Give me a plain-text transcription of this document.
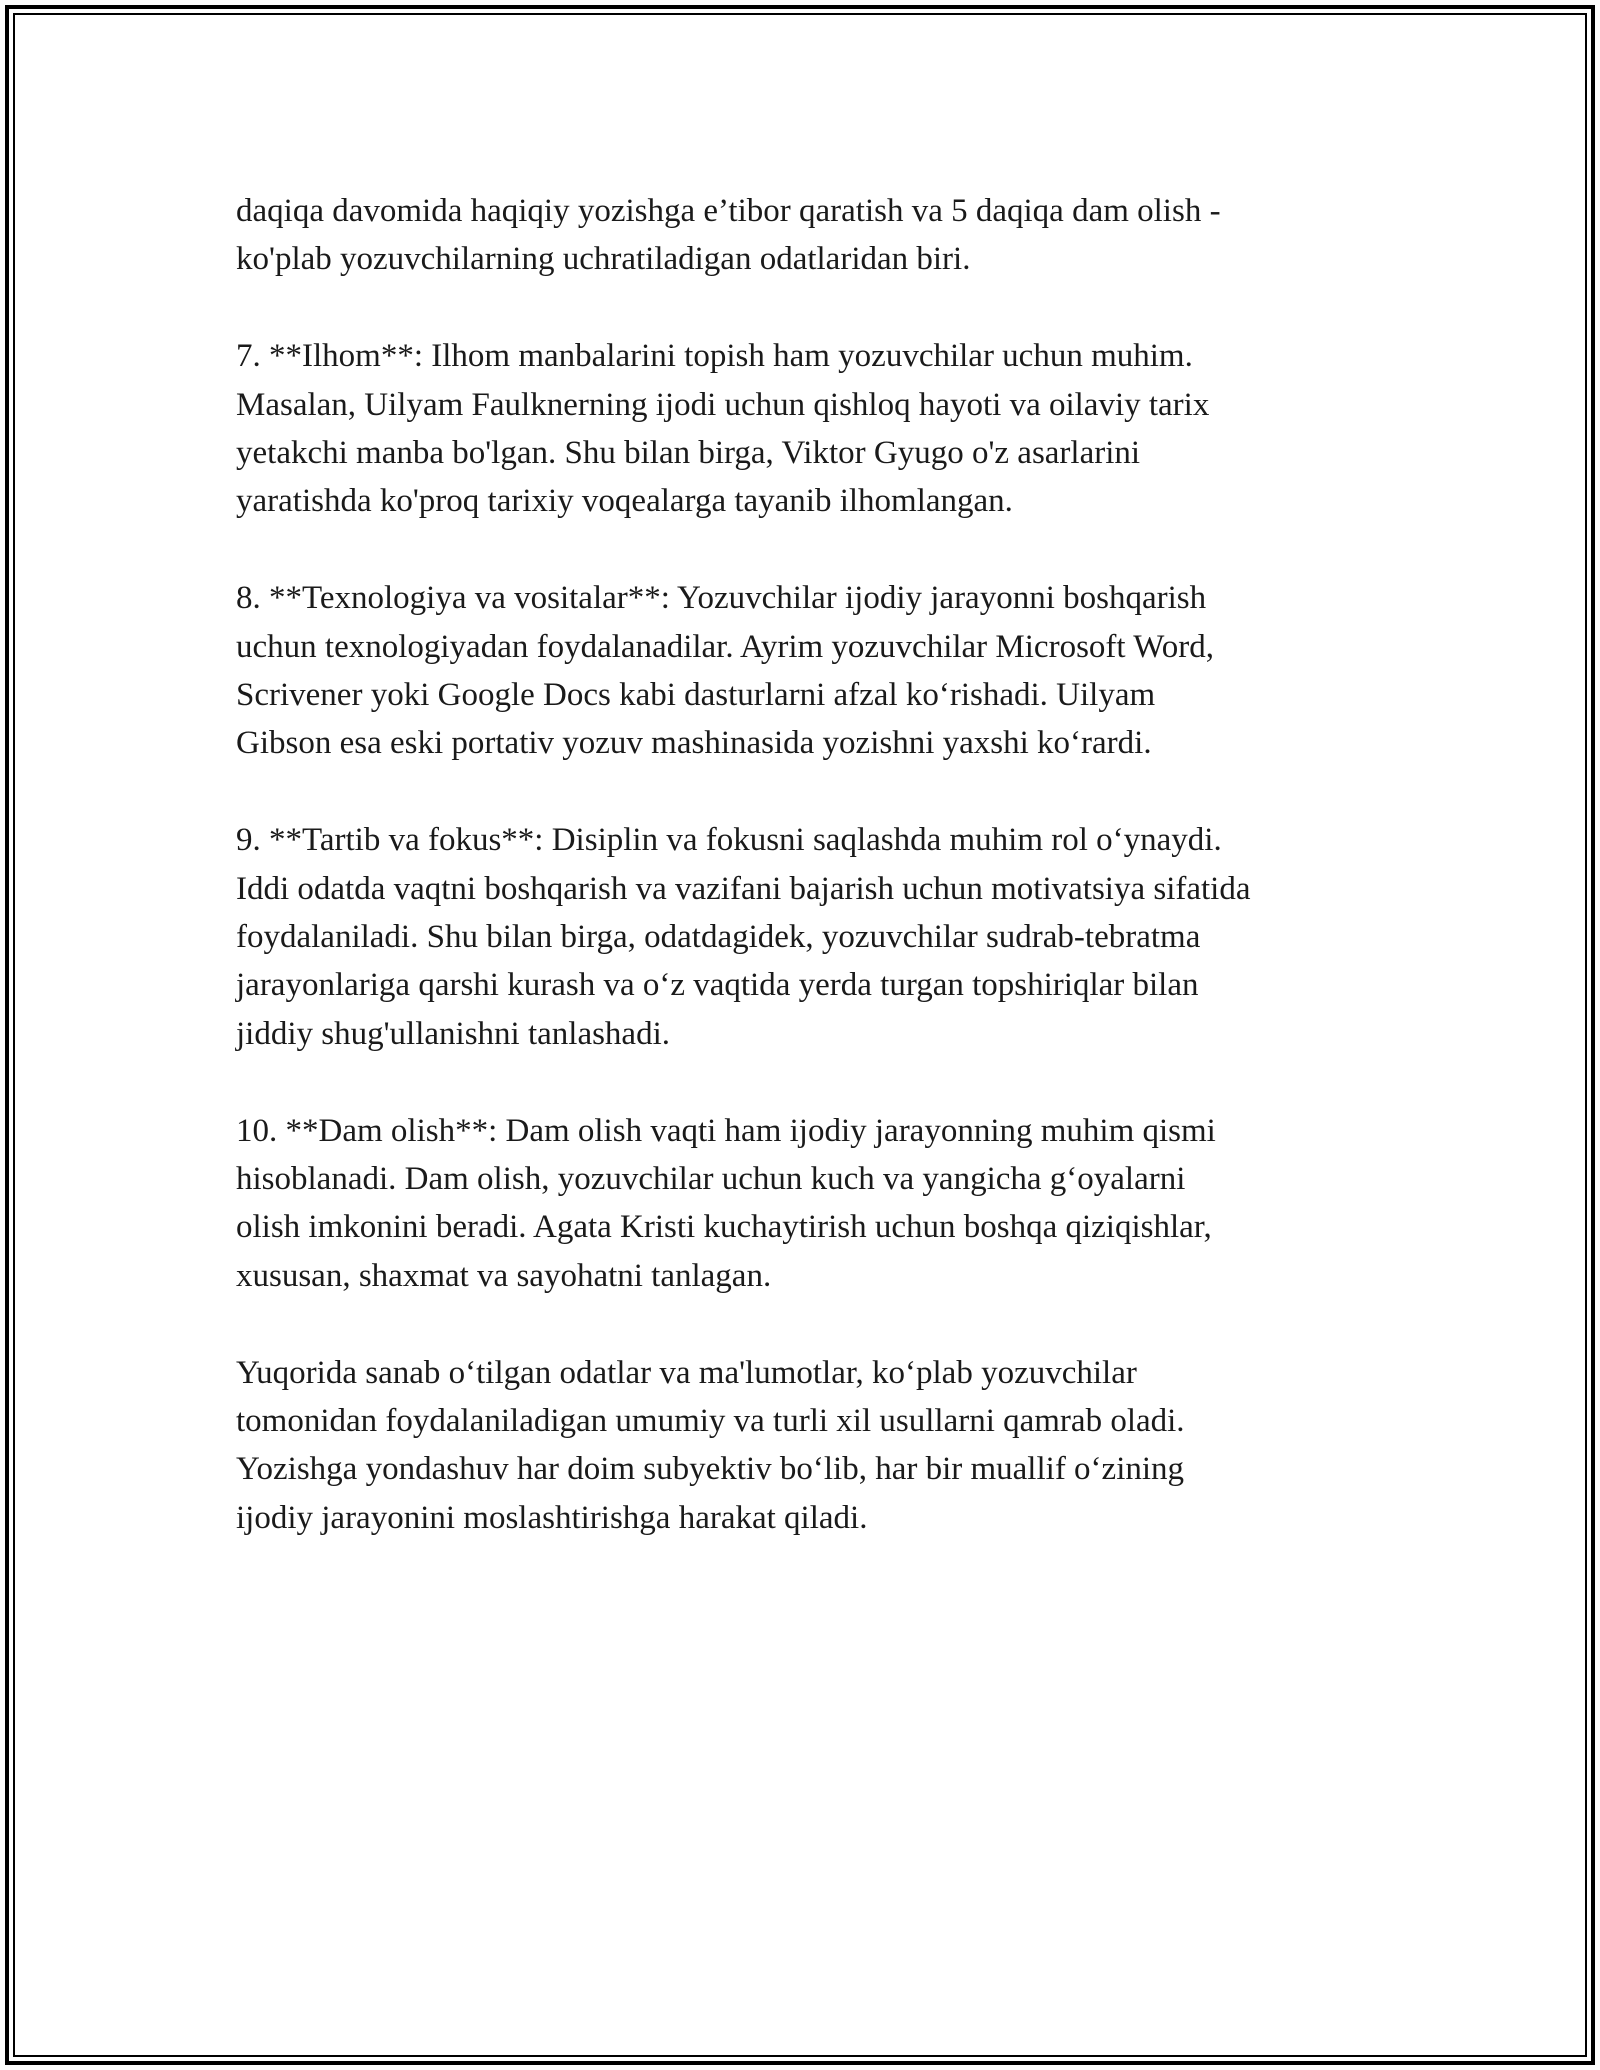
daqiqa davomida haqiqiy yozishga e’tibor qaratish va 5 daqiqa dam olish -
ko'plab yozuvchilarning uchratiladigan odatlaridan biri.

7. **Ilhom**: Ilhom manbalarini topish ham yozuvchilar uchun muhim.
Masalan, Uilyam Faulknerning ijodi uchun qishloq hayoti va oilaviy tarix
yetakchi manba bo'lgan. Shu bilan birga, Viktor Gyugo o'z asarlarini
yaratishda ko'proq tarixiy voqealarga tayanib ilhomlangan.

8. **Texnologiya va vositalar**: Yozuvchilar ijodiy jarayonni boshqarish
uchun texnologiyadan foydalanadilar. Ayrim yozuvchilar Microsoft Word,
Scrivener yoki Google Docs kabi dasturlarni afzal ko‘rishadi. Uilyam
Gibson esa eski portativ yozuv mashinasida yozishni yaxshi ko‘rardi.

9. **Tartib va fokus**: Disiplin va fokusni saqlashda muhim rol o‘ynaydi.
Iddi odatda vaqtni boshqarish va vazifani bajarish uchun motivatsiya sifatida
foydalaniladi. Shu bilan birga, odatdagidek, yozuvchilar sudrab-tebratma
jarayonlariga qarshi kurash va o‘z vaqtida yerda turgan topshiriqlar bilan
jiddiy shug'ullanishni tanlashadi.

10. **Dam olish**: Dam olish vaqti ham ijodiy jarayonning muhim qismi
hisoblanadi. Dam olish, yozuvchilar uchun kuch va yangicha g‘oyalarni
olish imkonini beradi. Agata Kristi kuchaytirish uchun boshqa qiziqishlar,
xususan, shaxmat va sayohatni tanlagan.

Yuqorida sanab o‘tilgan odatlar va ma'lumotlar, ko‘plab yozuvchilar
tomonidan foydalaniladigan umumiy va turli xil usullarni qamrab oladi.
Yozishga yondashuv har doim subyektiv bo‘lib, har bir muallif o‘zining
ijodiy jarayonini moslashtirishga harakat qiladi.
